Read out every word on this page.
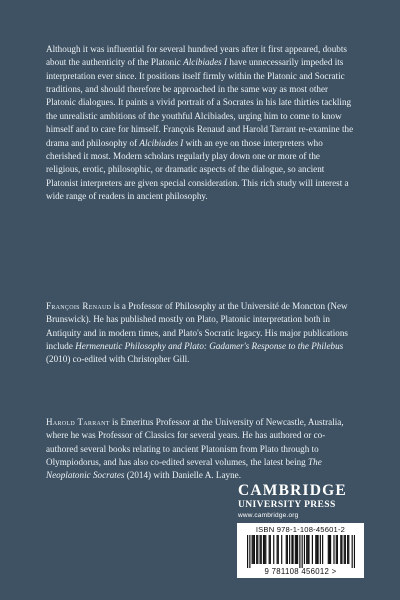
Although it was influential for several hundred years after it first appeared, doubts about the authenticity of the Platonic Alcibiades I have unnecessarily impeded its interpretation ever since. It positions itself firmly within the Platonic and Socratic traditions, and should therefore be approached in the same way as most other Platonic dialogues. It paints a vivid portrait of a Socrates in his late thirties tackling the unrealistic ambitions of the youthful Alcibiades, urging him to come to know himself and to care for himself. François Renaud and Harold Tarrant re-examine the drama and philosophy of Alcibiades I with an eye on those interpreters who cherished it most. Modern scholars regularly play down one or more of the religious, erotic, philosophic, or dramatic aspects of the dialogue, so ancient Platonist interpreters are given special consideration. This rich study will interest a wide range of readers in ancient philosophy.

François Renaud is a Professor of Philosophy at the Université de Moncton (New Brunswick). He has published mostly on Plato, Platonic interpretation both in Antiquity and in modern times, and Plato's Socratic legacy. His major publications include Hermeneutic Philosophy and Plato: Gadamer's Response to the Philebus (2010) co-edited with Christopher Gill.

Harold Tarrant is Emeritus Professor at the University of Newcastle, Australia, where he was Professor of Classics for several years. He has authored or co-authored several books relating to ancient Platonism from Plato through to Olympiodorus, and has also co-edited several volumes, the latest being The Neoplatonic Socrates (2014) with Danielle A. Layne.

CAMBRIDGE
UNIVERSITY PRESS
www.cambridge.org
ISBN 978-1-108-45601-2
9 781108 456012 >
